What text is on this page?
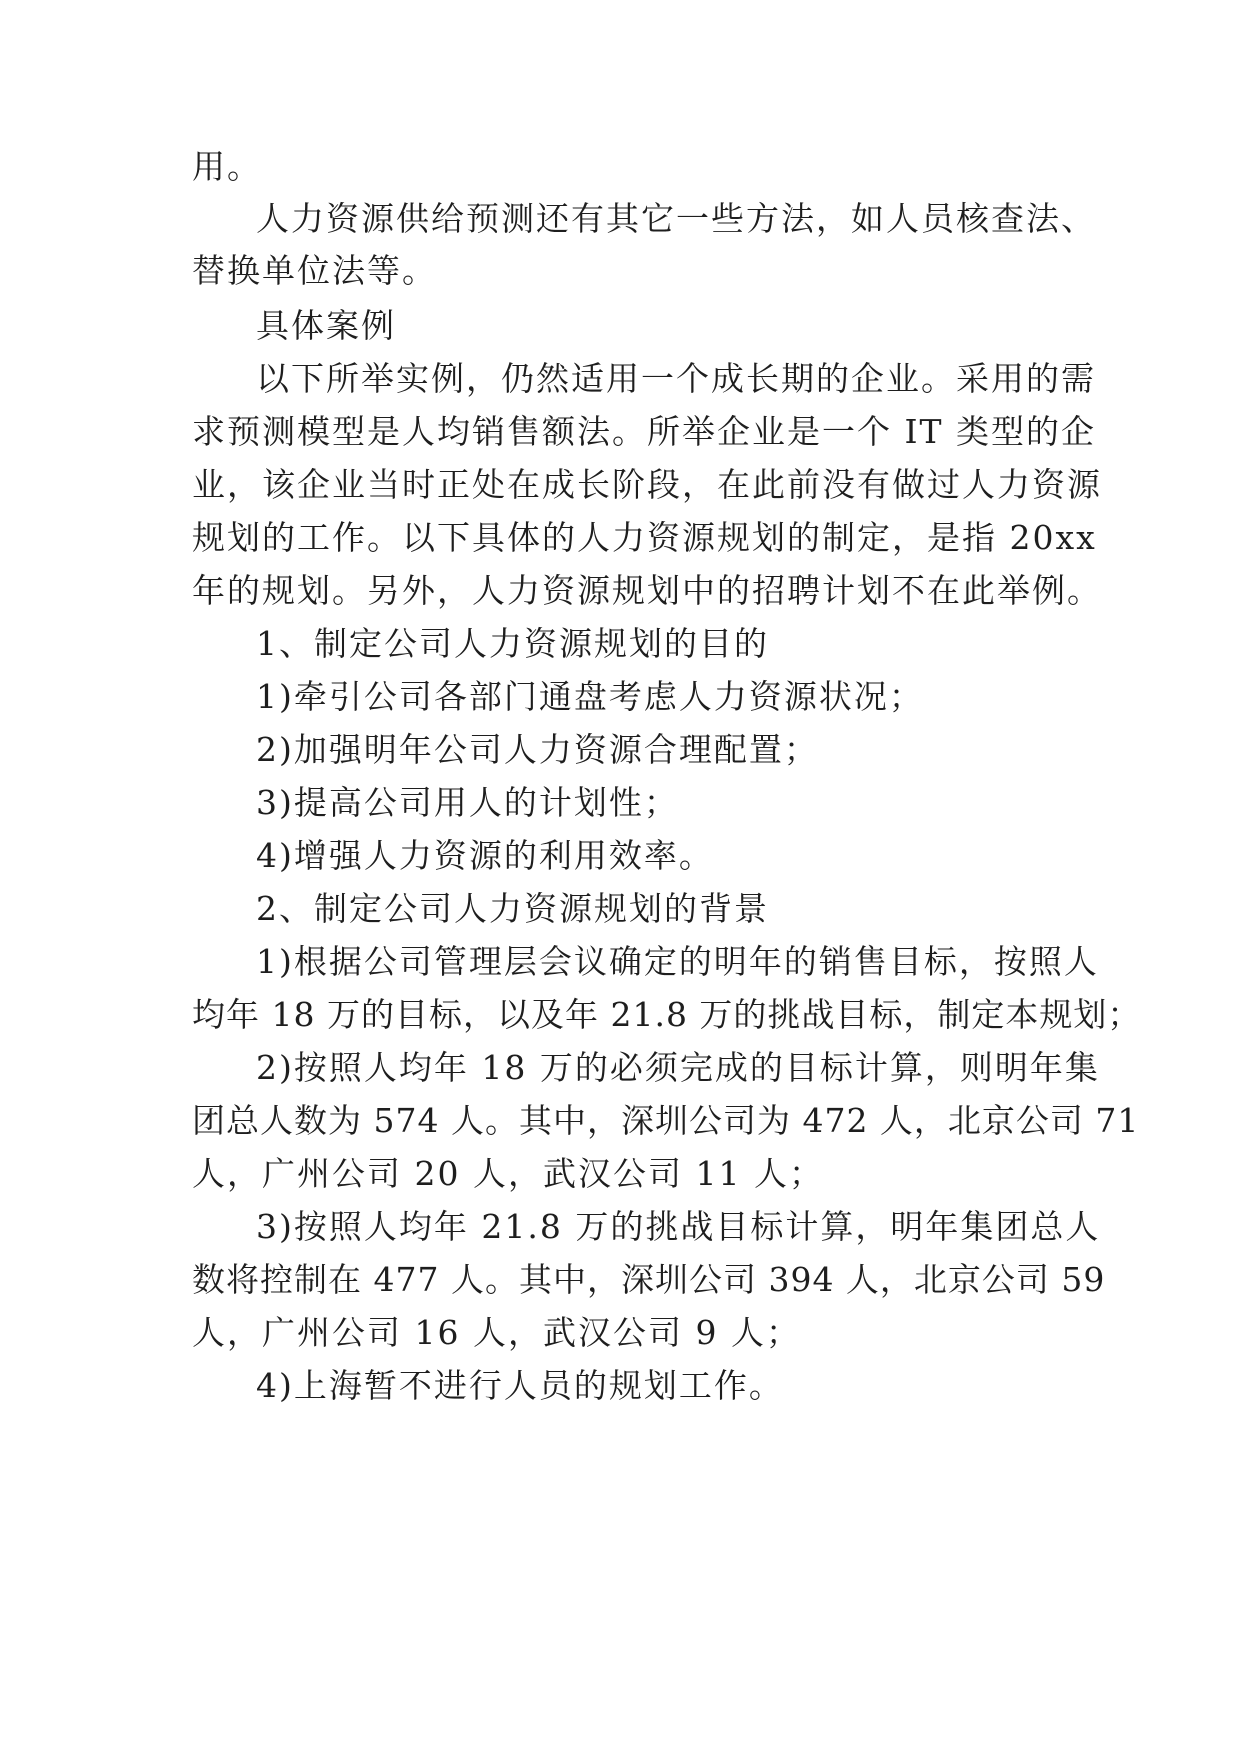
用。

人力资源供给预测还有其它一些方法，如人员核查法、

替换单位法等。

具体案例

以下所举实例，仍然适用一个成长期的企业。采用的需

求预测模型是人均销售额法。所举企业是一个 IT 类型的企

业，该企业当时正处在成长阶段，在此前没有做过人力资源

规划的工作。以下具体的人力资源规划的制定，是指 20xx

年的规划。另外，人力资源规划中的招聘计划不在此举例。

1、制定公司人力资源规划的目的

1)牵引公司各部门通盘考虑人力资源状况；

2)加强明年公司人力资源合理配置；

3)提高公司用人的计划性；

4)增强人力资源的利用效率。

2、制定公司人力资源规划的背景

1)根据公司管理层会议确定的明年的销售目标，按照人

均年 18 万的目标，以及年 21.8 万的挑战目标，制定本规划；

2)按照人均年 18 万的必须完成的目标计算，则明年集

团总人数为 574 人。其中，深圳公司为 472 人，北京公司 71

人，广州公司 20 人，武汉公司 11 人；

3)按照人均年 21.8 万的挑战目标计算，明年集团总人

数将控制在 477 人。其中，深圳公司 394 人，北京公司 59

人，广州公司 16 人，武汉公司 9 人；

4)上海暂不进行人员的规划工作。
